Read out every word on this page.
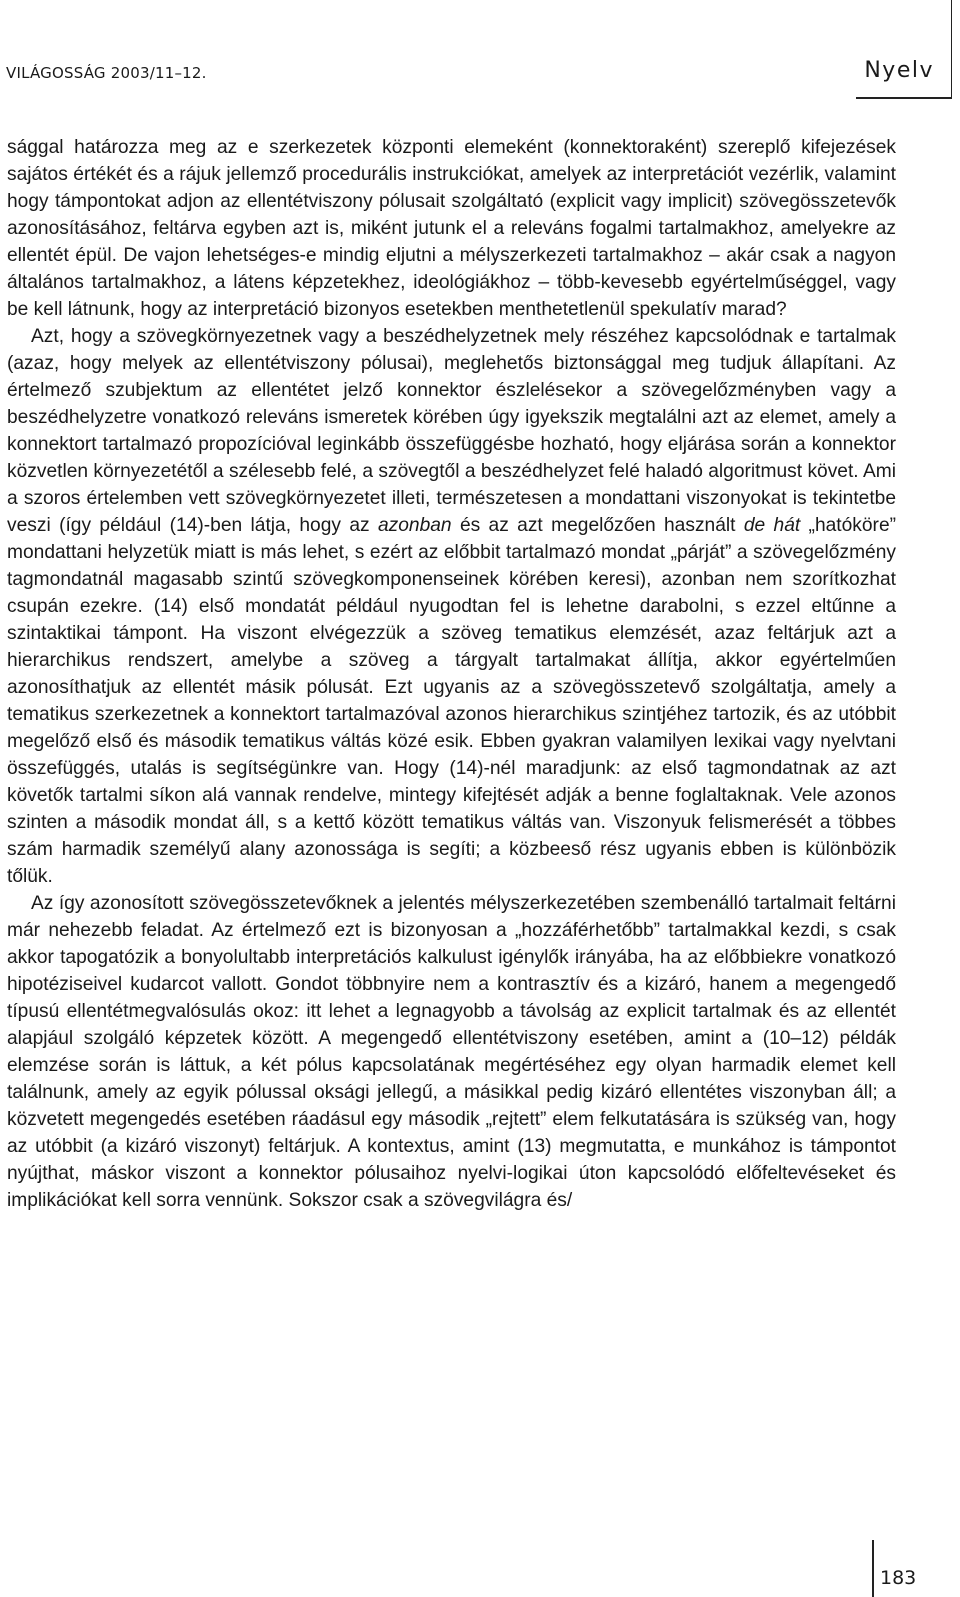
VILÁGOSSÁG 2003/11–12.	Nyelv

sággal határozza meg az e szerkezetek központi elemeként (konnektoraként) szereplő kifejezések sajátos értékét és a rájuk jellemző procedurális instrukciókat, amelyek az interpretációt vezérlik, valamint hogy támpontokat adjon az ellentétviszony pólusait szolgáltató (explicit vagy implicit) szövegösszetevők azonosításához, feltárva egyben azt is, miként jutunk el a releváns fogalmi tartalmakhoz, amelyekre az ellentét épül. De vajon lehetséges-e mindig eljutni a mélyszerkezeti tartalmakhoz – akár csak a nagyon általános tartalmakhoz, a látens képzetekhez, ideológiákhoz – több-kevesebb egyértelműséggel, vagy be kell látnunk, hogy az interpretáció bizonyos esetekben menthetetlenül spekulatív marad?

Azt, hogy a szövegkörnyezetnek vagy a beszédhelyzetnek mely részéhez kapcsolódnak e tartalmak (azaz, hogy melyek az ellentétviszony pólusai), meglehetős biztonsággal meg tudjuk állapítani. Az értelmező szubjektum az ellentétet jelző konnektor észlelésekor a szövegelőzményben vagy a beszédhelyzetre vonatkozó releváns ismeretek körében úgy igyekszik megtalálni azt az elemet, amely a konnektort tartalmazó propozícióval leginkább összefüggésbe hozható, hogy eljárása során a konnektor közvetlen környezetétől a szélesebb felé, a szövegtől a beszédhelyzet felé haladó algoritmust követ. Ami a szoros értelemben vett szövegkörnyezetet illeti, természetesen a mondattani viszonyokat is tekintetbe veszi (így például (14)-ben látja, hogy az azonban és az azt megelőzően használt de hát „hatóköre” mondattani helyzetük miatt is más lehet, s ezért az előbbit tartalmazó mondat „párját” a szövegelőzmény tagmondatnál magasabb szintű szövegkomponenseinek körében keresi), azonban nem szorítkozhat csupán ezekre. (14) első mondatát például nyugodtan fel is lehetne darabolni, s ezzel eltűnne a szintaktikai támpont. Ha viszont elvégezzük a szöveg tematikus elemzését, azaz feltárjuk azt a hierarchikus rendszert, amelybe a szöveg a tárgyalt tartalmakat állítja, akkor egyértelműen azonosíthatjuk az ellentét másik pólusát. Ezt ugyanis az a szövegösszetevő szolgáltatja, amely a tematikus szerkezetnek a konnektort tartalmazóval azonos hierarchikus szintjéhez tartozik, és az utóbbit megelőző első és második tematikus váltás közé esik. Ebben gyakran valamilyen lexikai vagy nyelvtani összefüggés, utalás is segítségünkre van. Hogy (14)-nél maradjunk: az első tagmondatnak az azt követők tartalmi síkon alá vannak rendelve, mintegy kifejtését adják a benne foglaltaknak. Vele azonos szinten a második mondat áll, s a kettő között tematikus váltás van. Viszonyuk felismerését a többes szám harmadik személyű alany azonossága is segíti; a közbeeső rész ugyanis ebben is különbözik tőlük.

Az így azonosított szövegösszetevőknek a jelentés mélyszerkezetében szembenálló tartalmait feltárni már nehezebb feladat. Az értelmező ezt is bizonyosan a „hozzáférhetőbb” tartalmakkal kezdi, s csak akkor tapogatózik a bonyolultabb interpretációs kalkulust igénylők irányába, ha az előbbiekre vonatkozó hipotéziseivel kudarcot vallott. Gondot többnyire nem a kontrasztív és a kizáró, hanem a megengedő típusú ellentétmegvalósulás okoz: itt lehet a legnagyobb a távolság az explicit tartalmak és az ellentét alapjául szolgáló képzetek között. A megengedő ellentétviszony esetében, amint a (10–12) példák elemzése során is láttuk, a két pólus kapcsolatának megértéséhez egy olyan harmadik elemet kell találnunk, amely az egyik pólussal oksági jellegű, a másikkal pedig kizáró ellentétes viszonyban áll; a közvetett megengedés esetében ráadásul egy második „rejtett” elem felkutatására is szükség van, hogy az utóbbit (a kizáró viszonyt) feltárjuk. A kontextus, amint (13) megmutatta, e munkához is támpontot nyújthat, máskor viszont a konnektor pólusaihoz nyelvi-logikai úton kapcsolódó előfeltevéseket és implikációkat kell sorra vennünk. Sokszor csak a szövegvilágra és/

183
